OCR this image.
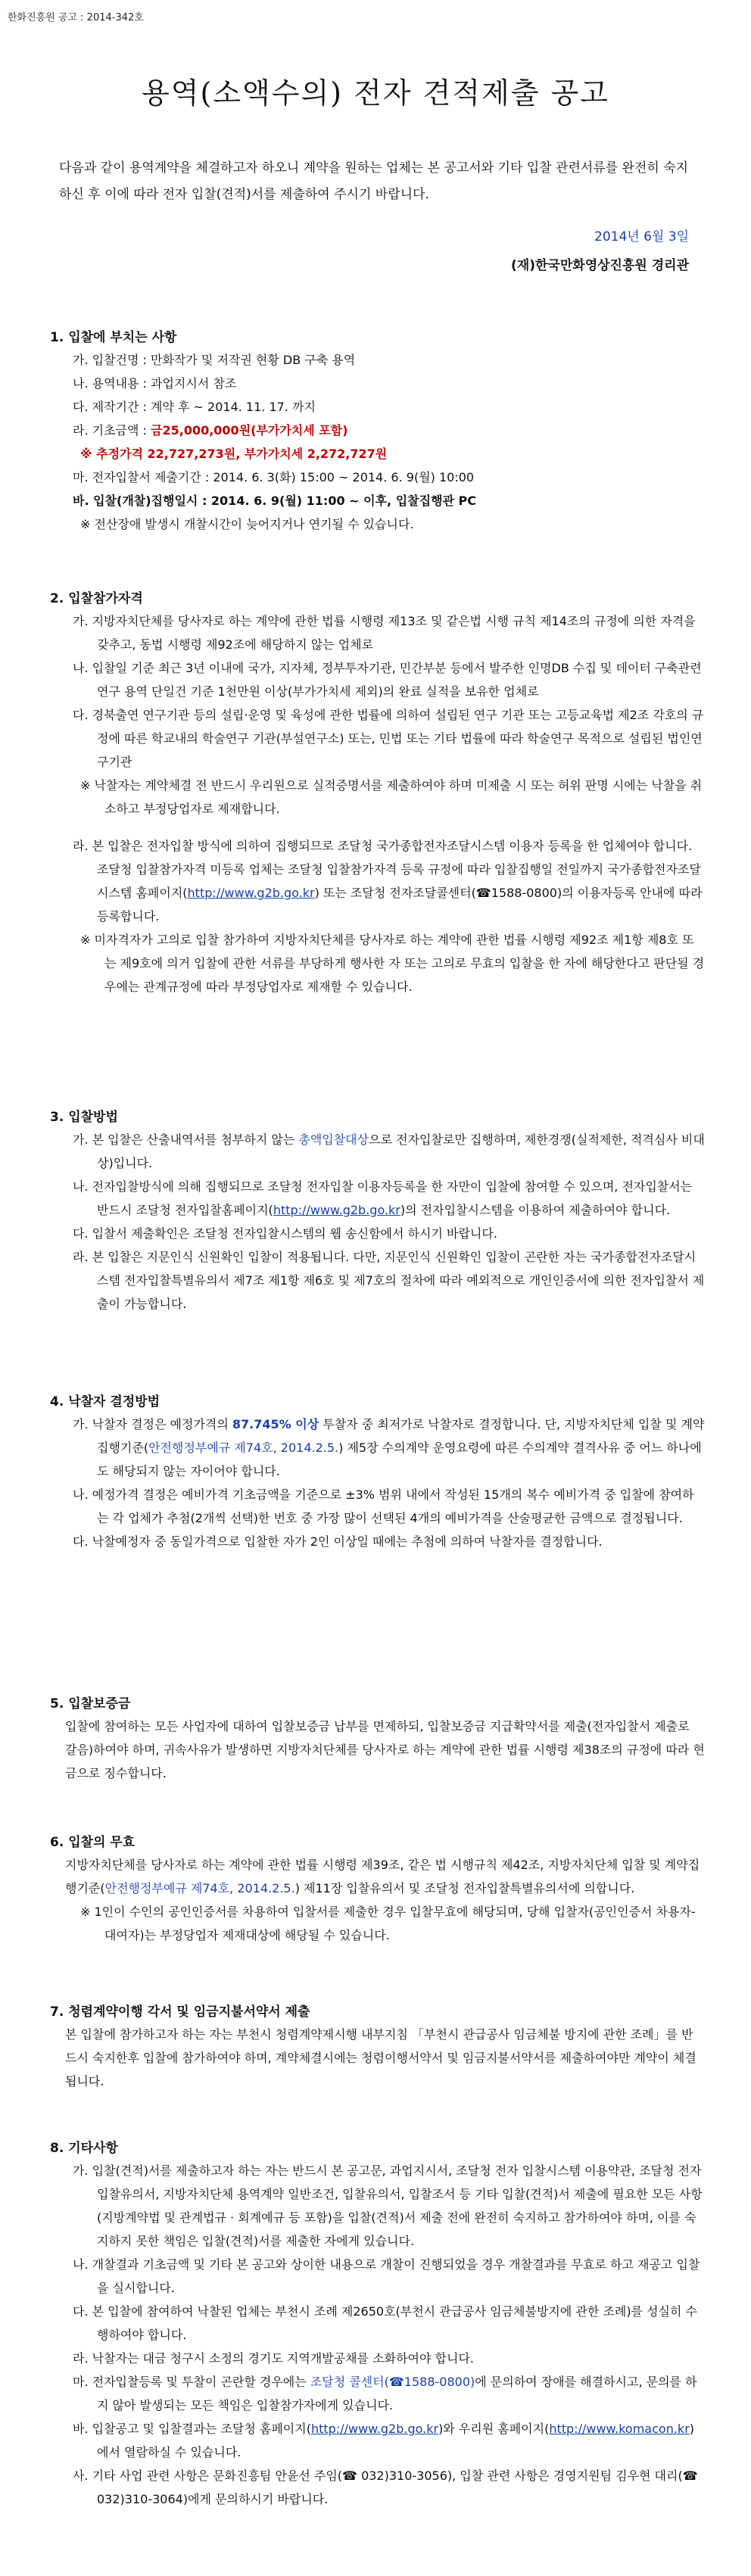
한화진흥원 공고 : 2014-342호
용역(소액수의) 전자 견적제출 공고
다음과 같이 용역계약을 체결하고자 하오니 계약을 원하는 업체는 본 공고서와 기타 입찰 관련서류를 완전히 숙지하신 후 이에 따라 전자 입찰(견적)서를 제출하여 주시기 바랍니다.
2014년 6월 3일
(재)한국만화영상진흥원 경리관
1. 입찰에 부치는 사항
가. 입찰건명 : 만화작가 및 저작권 현황 DB 구축 용역
나. 용역내용 : 과업지시서 참조
다. 제작기간 : 계약 후 ~ 2014. 11. 17. 까지
라. 기초금액 : 금25,000,000원(부가가치세 포함)
※ 추정가격 22,727,273원, 부가가치세 2,272,727원
마. 전자입찰서 제출기간 : 2014. 6. 3(화) 15:00 ~ 2014. 6. 9(월) 10:00
바. 입찰(개찰)집행일시 : 2014. 6. 9(월) 11:00 ~ 이후, 입찰집행관 PC
※ 전산장애 발생시 개찰시간이 늦어지거나 연기될 수 있습니다.
2. 입찰참가자격
가. 지방자치단체를 당사자로 하는 계약에 관한 법률 시행령 제13조 및 같은법 시행 규칙 제14조의 규정에 의한 자격을 갖추고, 동법 시행령 제92조에 해당하지 않는 업체로
나. 입찰일 기준 최근 3년 이내에 국가, 지자체, 정부투자기관, 민간부분 등에서 발주한 인명DB 수집 및 데이터 구축관련 연구 용역 단일건 기준 1천만원 이상(부가가치세 제외)의 완료 실적을 보유한 업체로
다. 경북출연 연구기관 등의 설립·운영 및 육성에 관한 법률에 의하여 설립된 연구 기관 또는 고등교육법 제2조 각호의 규정에 따른 학교내의 학술연구 기관(부설연구소) 또는, 민법 또는 기타 법률에 따라 학술연구 목적으로 설립된 법인연구기관
※ 낙찰자는 계약체결 전 반드시 우리원으로 실적증명서를 제출하여야 하며 미제출 시 또는 허위 판명 시에는 낙찰을 취소하고 부정당업자로 제재합니다.
라. 본 입찰은 전자입찰 방식에 의하여 집행되므로 조달청 국가종합전자조달시스템 이용자 등록을 한 업체여야 합니다. 조달청 입찰참가자격 미등록 업체는 조달청 입찰참가자격 등록 규정에 따라 입찰집행일 전일까지 국가종합전자조달시스템 홈페이지(http://www.g2b.go.kr) 또는 조달청 전자조달콜센터(☎1588-0800)의 이용자등록 안내에 따라 등록합니다.
※ 미자격자가 고의로 입찰 참가하여 지방자치단체를 당사자로 하는 계약에 관한 법률 시행령 제92조 제1항 제8호 또는 제9호에 의거 입찰에 관한 서류를 부당하게 행사한 자 또는 고의로 무효의 입찰을 한 자에 해당한다고 판단될 경우에는 관계규정에 따라 부정당업자로 제재할 수 있습니다.
3. 입찰방법
가. 본 입찰은 산출내역서를 첨부하지 않는 총액입찰대상으로 전자입찰로만 집행하며, 제한경쟁(실적제한, 적격심사 비대상)입니다.
나. 전자입찰방식에 의해 집행되므로 조달청 전자입찰 이용자등록을 한 자만이 입찰에 참여할 수 있으며, 전자입찰서는 반드시 조달청 전자입찰홈페이지(http://www.g2b.go.kr)의 전자입찰시스템을 이용하여 제출하여야 합니다.
다. 입찰서 제출확인은 조달청 전자입찰시스템의 웹 송신함에서 하시기 바랍니다.
라. 본 입찰은 지문인식 신원확인 입찰이 적용됩니다. 다만, 지문인식 신원확인 입찰이 곤란한 자는 국가종합전자조달시스템 전자입찰특별유의서 제7조 제1항 제6호 및 제7호의 절차에 따라 예외적으로 개인인증서에 의한 전자입찰서 제출이 가능합니다.
4. 낙찰자 결정방법
가. 낙찰자 결정은 예정가격의 87.745% 이상 투찰자 중 최저가로 낙찰자로 결정합니다. 단, 지방자치단체 입찰 및 계약집행기준(안전행정부예규 제74호, 2014.2.5.) 제5장 수의계약 운영요령에 따른 수의계약 결격사유 중 어느 하나에도 해당되지 않는 자이어야 합니다.
나. 예정가격 결정은 예비가격 기초금액을 기준으로 ±3% 범위 내에서 작성된 15개의 복수 예비가격 중 입찰에 참여하는 각 업체가 추첨(2개씩 선택)한 번호 중 가장 많이 선택된 4개의 예비가격을 산술평균한 금액으로 결정됩니다.
다. 낙찰예정자 중 동일가격으로 입찰한 자가 2인 이상일 때에는 추첨에 의하여 낙찰자를 결정합니다.
5. 입찰보증금
입찰에 참여하는 모든 사업자에 대하여 입찰보증금 납부를 면제하되, 입찰보증금 지급확약서를 제출(전자입찰서 제출로 갈음)하여야 하며, 귀속사유가 발생하면 지방자치단체를 당사자로 하는 계약에 관한 법률 시행령 제38조의 규정에 따라 현금으로 징수합니다.
6. 입찰의 무효
지방자치단체를 당사자로 하는 계약에 관한 법률 시행령 제39조, 같은 법 시행규칙 제42조, 지방자치단체 입찰 및 계약집행기준(안전행정부예규 제74호, 2014.2.5.) 제11장 입찰유의서 및 조달청 전자입찰특별유의서에 의합니다.
※ 1인이 수인의 공인인증서를 차용하여 입찰서를 제출한 경우 입찰무효에 해당되며, 당해 입찰자(공인인증서 차용자-대여자)는 부정당업자 제재대상에 해당될 수 있습니다.
7. 청렴계약이행 각서 및 임금지불서약서 제출
본 입찰에 참가하고자 하는 자는 부천시 청렴계약제시행 내부지침 「부천시 관급공사 임금체불 방지에 관한 조례」를 반드시 숙지한후 입찰에 참가하여야 하며, 계약체결시에는 청렴이행서약서 및 임금지불서약서를 제출하여야만 계약이 체결됩니다.
8. 기타사항
가. 입찰(견적)서를 제출하고자 하는 자는 반드시 본 공고문, 과업지시서, 조달청 전자 입찰시스템 이용약관, 조달청 전자 입찰유의서, 지방자치단체 용역계약 일반조건, 입찰유의서, 입찰조서 등 기타 입찰(견적)서 제출에 필요한 모든 사항(지방계약법 및 관계법규 · 회계예규 등 포함)을 입찰(견적)서 제출 전에 완전히 숙지하고 참가하여야 하며, 이를 숙지하지 못한 책임은 입찰(견적)서를 제출한 자에게 있습니다.
나. 개찰결과 기초금액 및 기타 본 공고와 상이한 내용으로 개찰이 진행되었을 경우 개찰결과를 무효로 하고 재공고 입찰을 실시합니다.
다. 본 입찰에 참여하여 낙찰된 업체는 부천시 조례 제2650호(부천시 관급공사 임금체불방지에 관한 조례)를 성실히 수행하여야 합니다.
라. 낙찰자는 대금 청구시 소정의 경기도 지역개발공채를 소화하여야 합니다.
마. 전자입찰등록 및 투찰이 곤란할 경우에는 조달청 콜센터(☎1588-0800)에 문의하여 장애를 해결하시고, 문의를 하지 않아 발생되는 모든 책임은 입찰참가자에게 있습니다.
바. 입찰공고 및 입찰결과는 조달청 홈페이지(http://www.g2b.go.kr)와 우리원 홈페이지(http://www.komacon.kr)에서 열람하실 수 있습니다.
사. 기타 사업 관련 사항은 문화진흥팀 안윤선 주임(☎ 032)310-3056), 입찰 관련 사항은 경영지원팀 김우현 대리(☎ 032)310-3064)에게 문의하시기 바랍니다.
